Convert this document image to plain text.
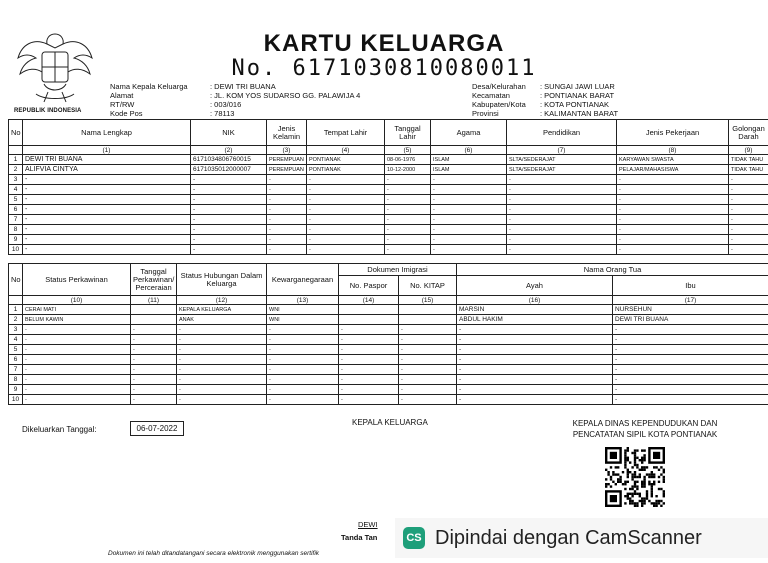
REPUBLIK INDONESIA
KARTU KELUARGA
No. 6171030810080011
Nama Kepala Keluarga	: DEWI TRI BUANA
Alamat	: JL. KOM YOS SUDARSO GG. PALAWIJA 4
RT/RW	: 003/016
Kode Pos	: 78113
Desa/Kelurahan	: SUNGAI JAWI LUAR
Kecamatan	: PONTIANAK BARAT
Kabupaten/Kota	: KOTA PONTIANAK
Provinsi	: KALIMANTAN BARAT
No	Nama Lengkap	NIK	Jenis Kelamin	Tempat Lahir	Tanggal Lahir	Agama	Pendidikan	Jenis Pekerjaan	Golongan Darah
	(1)	(2)	(3)	(4)	(5)	(6)	(7)	(8)	(9)
1	DEWI TRI BUANA	6171034806760015	PEREMPUAN	PONTIANAK	08-06-1976	ISLAM	SLTA/SEDERAJAT	KARYAWAN SWASTA	TIDAK TAHU
2	ALIFVIA CINTYA	6171035012000007	PEREMPUAN	PONTIANAK	10-12-2000	ISLAM	SLTA/SEDERAJAT	PELAJAR/MAHASISWA	TIDAK TAHU
3	-	-	-	-	-	-	-	-	-
4	-	-	-	-	-	-	-	-	-
5	-	-	-	-	-	-	-	-	-
6	-	-	-	-	-	-	-	-	-
7	-	-	-	-	-	-	-	-	-
8	-	-	-	-	-	-	-	-	-
9	-	-	-	-	-	-	-	-	-
10	-	-	-	-	-	-	-	-	-
No	Status Perkawinan	Tanggal Perkawinan/ Perceraian	Status Hubungan Dalam Keluarga	Kewarganegaraan	Dokumen Imigrasi		Nama Orang Tua	
					No. Paspor	No. KITAP	Ayah	Ibu
	(10)	(11)	(12)	(13)	(14)	(15)	(16)	(17)
1	CERAI MATI		KEPALA KELUARGA	WNI			MARSIN	NURSEHUN
2	BELUM KAWIN		ANAK	WNI			ABDUL HAKIM	DEWI TRI BUANA
3	-	-	-	-	-	-	-	-
4	-	-	-	-	-	-	-	-
5	-	-	-	-	-	-	-	-
6	-	-	-	-	-	-	-	-
7	-	-	-	-	-	-	-	-
8	-	-	-	-	-	-	-	-
9	-	-	-	-	-	-	-	-
10	-	-	-	-	-	-	-	-
Dikeluarkan Tanggal:	06-07-2022
KEPALA KELUARGA	KEPALA DINAS KEPENDUDUKAN DAN
PENCATATAN SIPIL KOTA PONTIANAK
DEWI
Tanda Tan
Dokumen ini telah ditandatangani secara elektronik menggunakan sertifik
CS Dipindai dengan CamScanner
